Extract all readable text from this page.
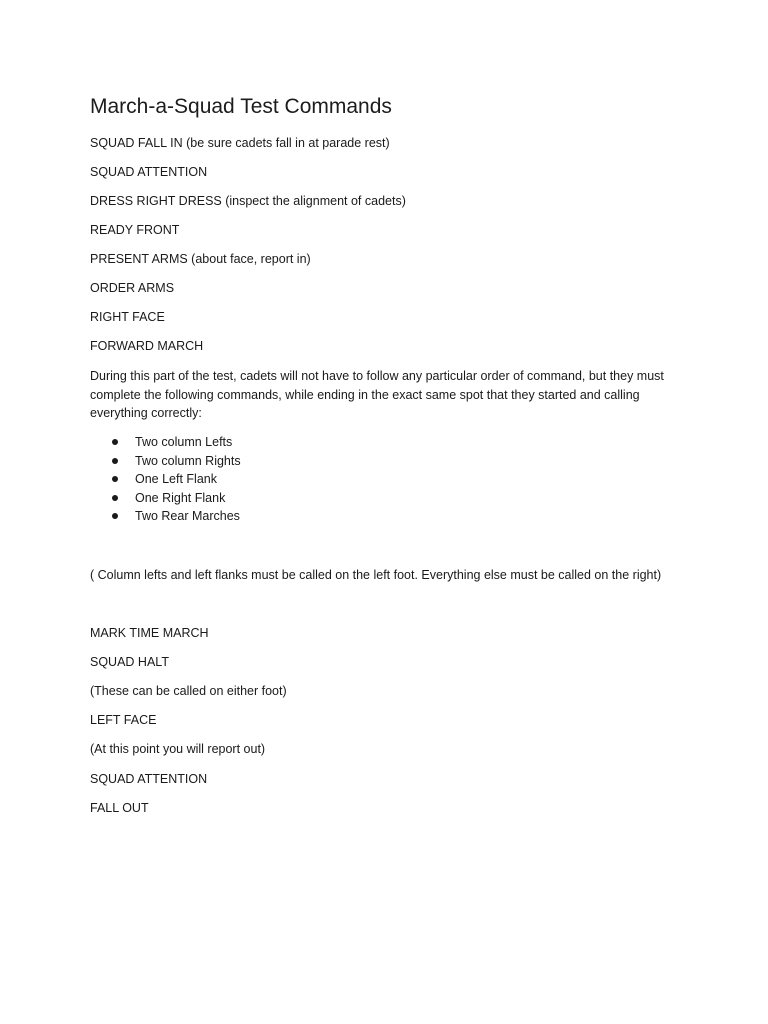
March-a-Squad Test Commands
SQUAD FALL IN (be sure cadets fall in at parade rest)
SQUAD ATTENTION
DRESS RIGHT DRESS (inspect the alignment of cadets)
READY FRONT
PRESENT ARMS (about face, report in)
ORDER ARMS
RIGHT FACE
FORWARD MARCH
During this part of the test, cadets will not have to follow any particular order of command, but they must complete the following commands, while ending in the exact same spot that they started and calling everything correctly:
Two column Lefts
Two column Rights
One Left Flank
One Right Flank
Two Rear Marches
( Column lefts and left flanks must be called on the left foot. Everything else must be called on the right)
MARK TIME MARCH
SQUAD HALT
(These can be called on either foot)
LEFT FACE
(At this point you will report out)
SQUAD ATTENTION
FALL OUT
